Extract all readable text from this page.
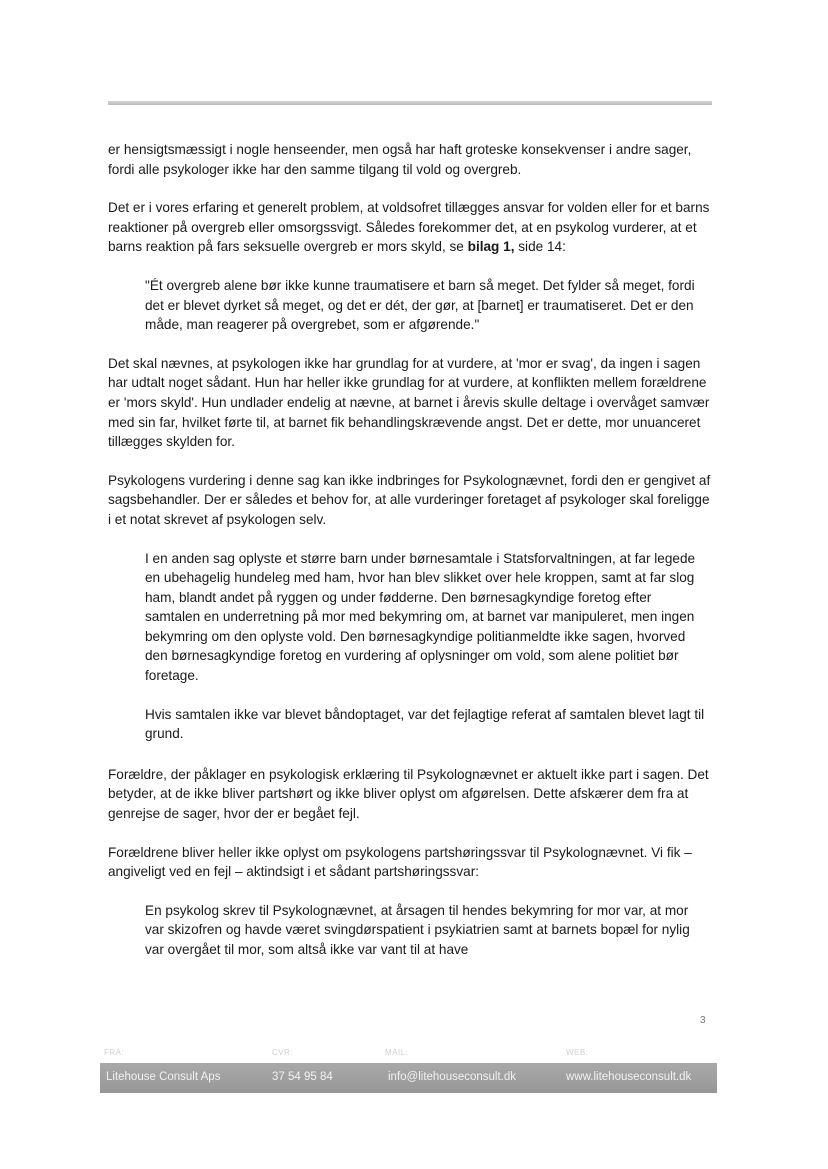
er hensigtsmæssigt i nogle henseender, men også har haft groteske konsekvenser i andre sager, fordi alle psykologer ikke har den samme tilgang til vold og overgreb.

Det er i vores erfaring et generelt problem, at voldsofret tillægges ansvar for volden eller for et barns reaktioner på overgreb eller omsorgssvigt. Således forekommer det, at en psykolog vurderer, at et barns reaktion på fars seksuelle overgreb er mors skyld, se bilag 1, side 14:

"Ét overgreb alene bør ikke kunne traumatisere et barn så meget. Det fylder så meget, fordi det er blevet dyrket så meget, og det er dét, der gør, at [barnet] er traumatiseret. Det er den måde, man reagerer på overgrebet, som er afgørende."

Det skal nævnes, at psykologen ikke har grundlag for at vurdere, at 'mor er svag', da ingen i sagen har udtalt noget sådant. Hun har heller ikke grundlag for at vurdere, at konflikten mellem forældrene er 'mors skyld'. Hun undlader endelig at nævne, at barnet i årevis skulle deltage i overvåget samvær med sin far, hvilket førte til, at barnet fik behandlingskrævende angst. Det er dette, mor unuanceret tillægges skylden for.

Psykologens vurdering i denne sag kan ikke indbringes for Psykolognævnet, fordi den er gengivet af sagsbehandler. Der er således et behov for, at alle vurderinger foretaget af psykologer skal foreligge i et notat skrevet af psykologen selv.

I en anden sag oplyste et større barn under børnesamtale i Statsforvaltningen, at far legede en ubehagelig hundeleg med ham, hvor han blev slikket over hele kroppen, samt at far slog ham, blandt andet på ryggen og under fødderne. Den børnesagkyndige foretog efter samtalen en underretning på mor med bekymring om, at barnet var manipuleret, men ingen bekymring om den oplyste vold. Den børnesagkyndige politianmeldte ikke sagen, hvorved den børnesagkyndige foretog en vurdering af oplysninger om vold, som alene politiet bør foretage.

Hvis samtalen ikke var blevet båndoptaget, var det fejlagtige referat af samtalen blevet lagt til grund.

Forældre, der påklager en psykologisk erklæring til Psykolognævnet er aktuelt ikke part i sagen. Det betyder, at de ikke bliver partshørt og ikke bliver oplyst om afgørelsen. Dette afskærer dem fra at genrejse de sager, hvor der er begået fejl.

Forældrene bliver heller ikke oplyst om psykologens partshøringssvar til Psykolognævnet. Vi fik – angiveligt ved en fejl – aktindsigt i et sådant partshøringssvar:

En psykolog skrev til Psykolognævnet, at årsagen til hendes bekymring for mor var, at mor var skizofren og havde været svingdørspatient i psykiatrien samt at barnets bopæl for nylig var overgået til mor, som altså ikke var vant til at have

3
FRA:	CVR:	MAIL:	WEB:
Litehouse Consult Aps	37 54 95 84	info@litehouseconsult.dk	www.litehouseconsult.dk
